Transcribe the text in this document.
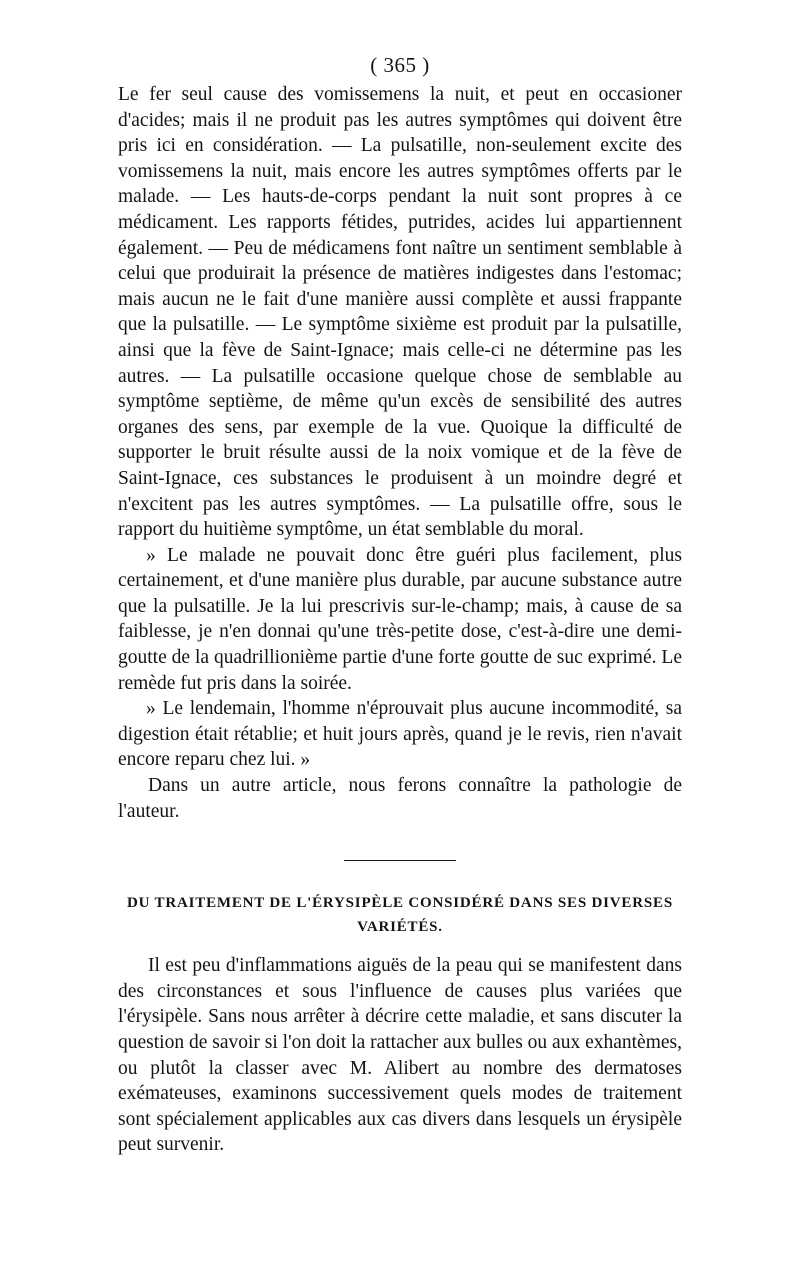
( 365 )

Le fer seul cause des vomissemens la nuit, et peut en occasioner d'acides; mais il ne produit pas les autres symptômes qui doivent être pris ici en considération. — La pulsatille, non-seulement excite des vomissemens la nuit, mais encore les autres symptômes offerts par le malade. — Les hauts-de-corps pendant la nuit sont propres à ce médicament. Les rapports fétides, putrides, acides lui appartiennent également. — Peu de médicamens font naître un sentiment semblable à celui que produirait la présence de matières indigestes dans l'estomac; mais aucun ne le fait d'une manière aussi complète et aussi frappante que la pulsatille. — Le symptôme sixième est produit par la pulsatille, ainsi que la fève de Saint-Ignace; mais celle-ci ne détermine pas les autres. — La pulsatille occasione quelque chose de semblable au symptôme septième, de même qu'un excès de sensibilité des autres organes des sens, par exemple de la vue. Quoique la difficulté de supporter le bruit résulte aussi de la noix vomique et de la fève de Saint-Ignace, ces substances le produisent à un moindre degré et n'excitent pas les autres symptômes. — La pulsatille offre, sous le rapport du huitième symptôme, un état semblable du moral.

» Le malade ne pouvait donc être guéri plus facilement, plus certainement, et d'une manière plus durable, par aucune substance autre que la pulsatille. Je la lui prescrivis sur-le-champ; mais, à cause de sa faiblesse, je n'en donnai qu'une très-petite dose, c'est-à-dire une demi-goutte de la quadrillionième partie d'une forte goutte de suc exprimé. Le remède fut pris dans la soirée.

» Le lendemain, l'homme n'éprouvait plus aucune incommodité, sa digestion était rétablie; et huit jours après, quand je le revis, rien n'avait encore reparu chez lui. »

Dans un autre article, nous ferons connaître la pathologie de l'auteur.

DU TRAITEMENT DE L'ÉRYSIPÈLE CONSIDÉRÉ DANS SES DIVERSES
VARIÉTÉS.

Il est peu d'inflammations aiguës de la peau qui se manifestent dans des circonstances et sous l'influence de causes plus variées que l'érysipèle. Sans nous arrêter à décrire cette maladie, et sans discuter la question de savoir si l'on doit la rattacher aux bulles ou aux exhantèmes, ou plutôt la classer avec M. Alibert au nombre des dermatoses exémateuses, examinons successivement quels modes de traitement sont spécialement applicables aux cas divers dans lesquels un érysipèle peut survenir.
